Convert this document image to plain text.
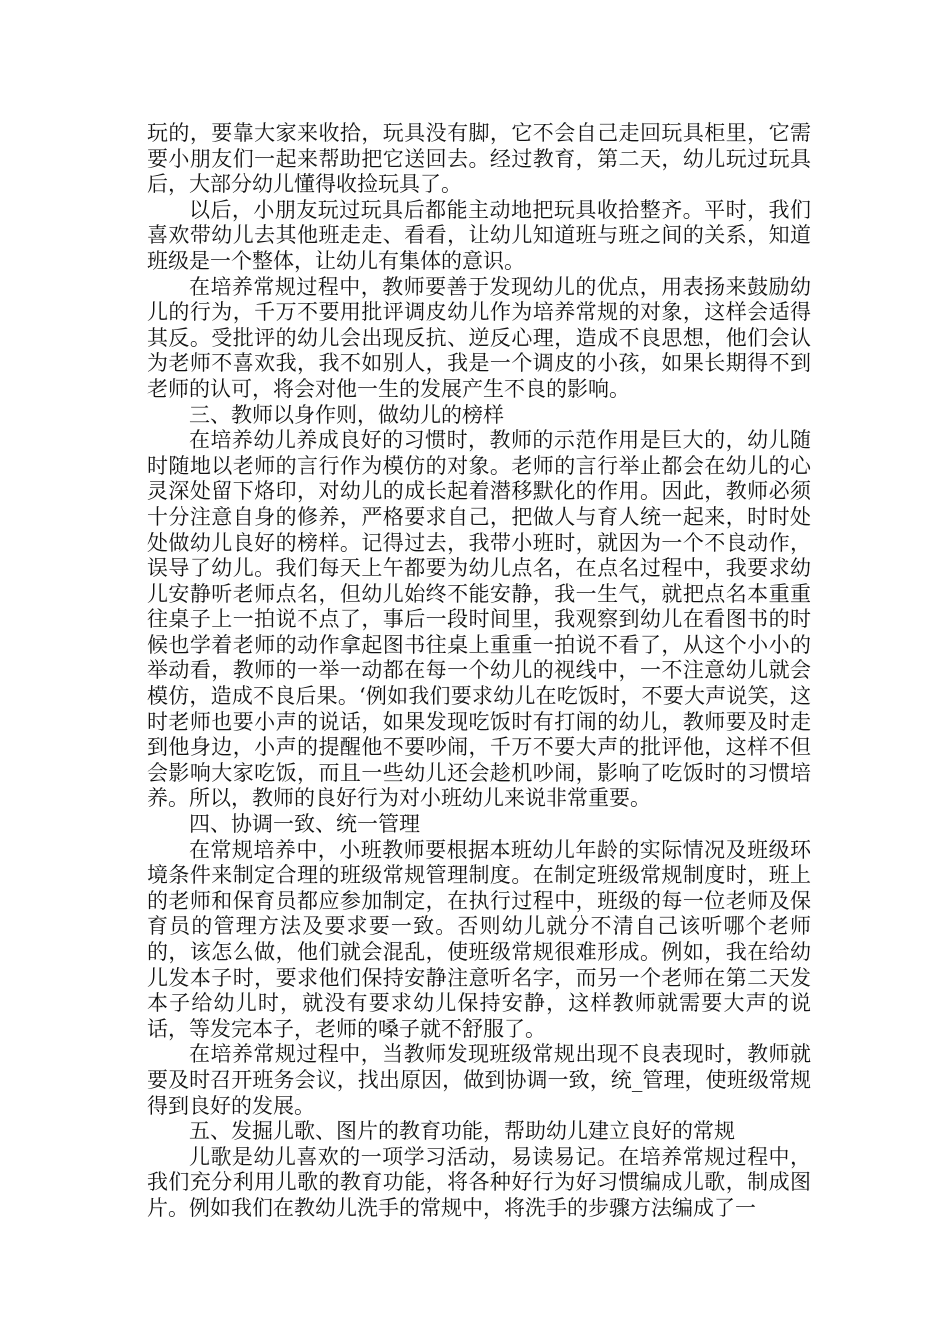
玩的，要靠大家来收拾，玩具没有脚，它不会自己走回玩具柜里，它需要小朋友们一起来帮助把它送回去。经过教育，第二天，幼儿玩过玩具后，大部分幼儿懂得收捡玩具了。

以后，小朋友玩过玩具后都能主动地把玩具收拾整齐。平时，我们喜欢带幼儿去其他班走走、看看，让幼儿知道班与班之间的关系，知道班级是一个整体，让幼儿有集体的意识。

在培养常规过程中，教师要善于发现幼儿的优点，用表扬来鼓励幼儿的行为，千万不要用批评调皮幼儿作为培养常规的对象，这样会适得其反。受批评的幼儿会出现反抗、逆反心理，造成不良思想，他们会认为老师不喜欢我，我不如别人，我是一个调皮的小孩，如果长期得不到老师的认可，将会对他一生的发展产生不良的影响。

三、教师以身作则，做幼儿的榜样

在培养幼儿养成良好的习惯时，教师的示范作用是巨大的，幼儿随时随地以老师的言行作为模仿的对象。老师的言行举止都会在幼儿的心灵深处留下烙印，对幼儿的成长起着潜移默化的作用。因此，教师必须十分注意自身的修养，严格要求自己，把做人与育人统一起来，时时处处做幼儿良好的榜样。记得过去，我带小班时，就因为一个不良动作，误导了幼儿。我们每天上午都要为幼儿点名，在点名过程中，我要求幼儿安静听老师点名，但幼儿始终不能安静，我一生气，就把点名本重重往桌子上一拍说不点了，事后一段时间里，我观察到幼儿在看图书的时候也学着老师的动作拿起图书往桌上重重一拍说不看了，从这个小小的举动看，教师的一举一动都在每一个幼儿的视线中，一不注意幼儿就会模仿，造成不良后果。‘例如我们要求幼儿在吃饭时，不要大声说笑，这时老师也要小声的说话，如果发现吃饭时有打闹的幼儿，教师要及时走到他身边，小声的提醒他不要吵闹，千万不要大声的批评他，这样不但会影响大家吃饭，而且一些幼儿还会趁机吵闹，影响了吃饭时的习惯培养。所以，教师的良好行为对小班幼儿来说非常重要。

四、协调一致、统一管理

在常规培养中，小班教师要根据本班幼儿年龄的实际情况及班级环境条件来制定合理的班级常规管理制度。在制定班级常规制度时，班上的老师和保育员都应参加制定，在执行过程中，班级的每一位老师及保育员的管理方法及要求要一致。否则幼儿就分不清自己该听哪个老师的，该怎么做，他们就会混乱，使班级常规很难形成。例如，我在给幼儿发本子时，要求他们保持安静注意听名字，而另一个老师在第二天发本子给幼儿时，就没有要求幼儿保持安静，这样教师就需要大声的说话，等发完本子，老师的嗓子就不舒服了。

在培养常规过程中，当教师发现班级常规出现不良表现时，教师就要及时召开班务会议，找出原因，做到协调一致，统_管理，使班级常规得到良好的发展。

五、发掘儿歌、图片的教育功能，帮助幼儿建立良好的常规

儿歌是幼儿喜欢的一项学习活动，易读易记。在培养常规过程中，我们充分利用儿歌的教育功能，将各种好行为好习惯编成儿歌，制成图片。例如我们在教幼儿洗手的常规中，将洗手的步骤方法编成了一
